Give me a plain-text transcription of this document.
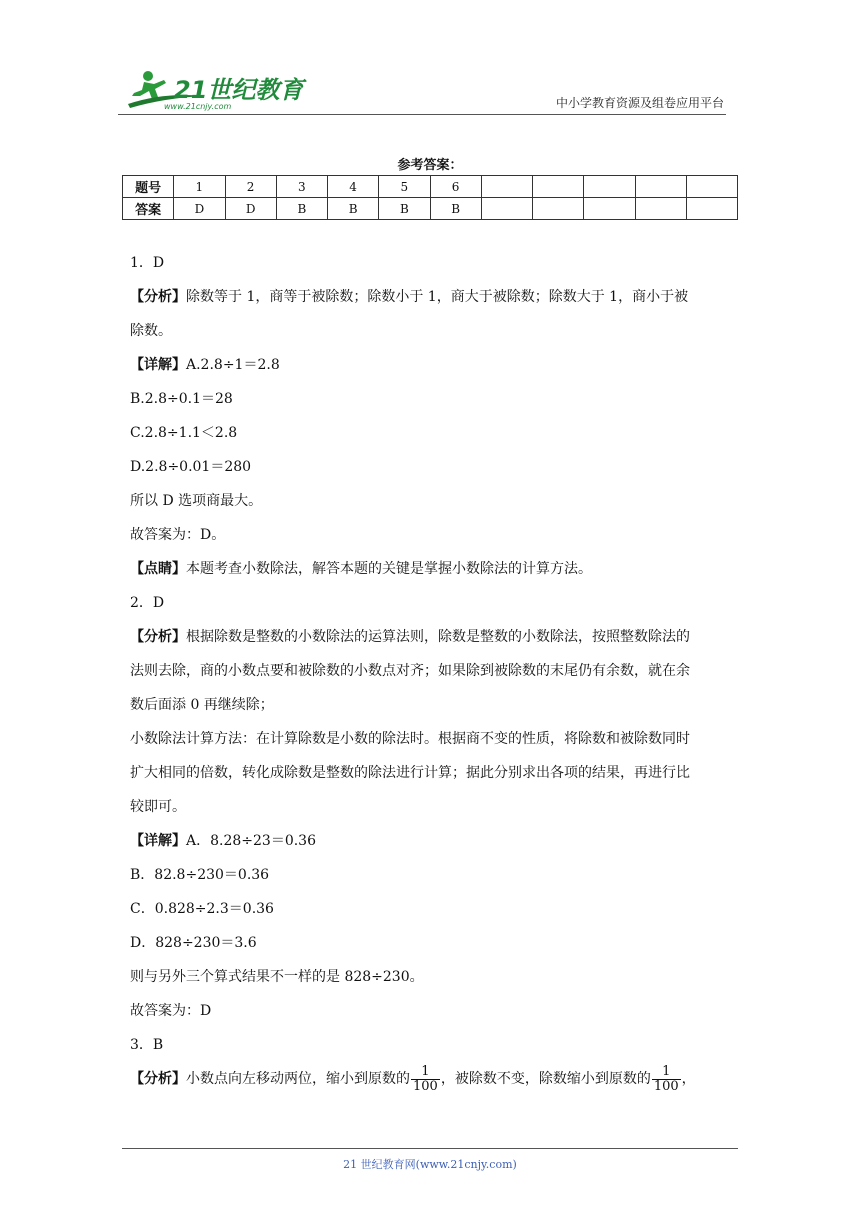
21世纪教育
www.21cnjy.com	中小学教育资源及组卷应用平台
参考答案：
题号	1	2	3	4	5	6					
答案	D	D	B	B	B	B					
1．D
【分析】除数等于 1，商等于被除数；除数小于 1，商大于被除数；除数大于 1，商小于被
除数。
【详解】A.2.8÷1＝2.8
B.2.8÷0.1＝28
C.2.8÷1.1＜2.8
D.2.8÷0.01＝280
所以 D 选项商最大。
故答案为：D。
【点睛】本题考查小数除法，解答本题的关键是掌握小数除法的计算方法。
2．D
【分析】根据除数是整数的小数除法的运算法则，除数是整数的小数除法，按照整数除法的
法则去除，商的小数点要和被除数的小数点对齐；如果除到被除数的末尾仍有余数，就在余
数后面添 0 再继续除；
小数除法计算方法：在计算除数是小数的除法时。根据商不变的性质，将除数和被除数同时
扩大相同的倍数，转化成除数是整数的除法进行计算；据此分别求出各项的结果，再进行比
较即可。
【详解】A．8.28÷23＝0.36
B．82.8÷230＝0.36
C．0.828÷2.3＝0.36
D．828÷230＝3.6
则与另外三个算式结果不一样的是 828÷230。
故答案为：D
3．B
【分析】小数点向左移动两位，缩小到原数的 $\frac{1}{100}$ ，被除数不变，除数缩小到原数的 $\frac{1}{100}$ ，
21 世纪教育网(www.21cnjy.com)
